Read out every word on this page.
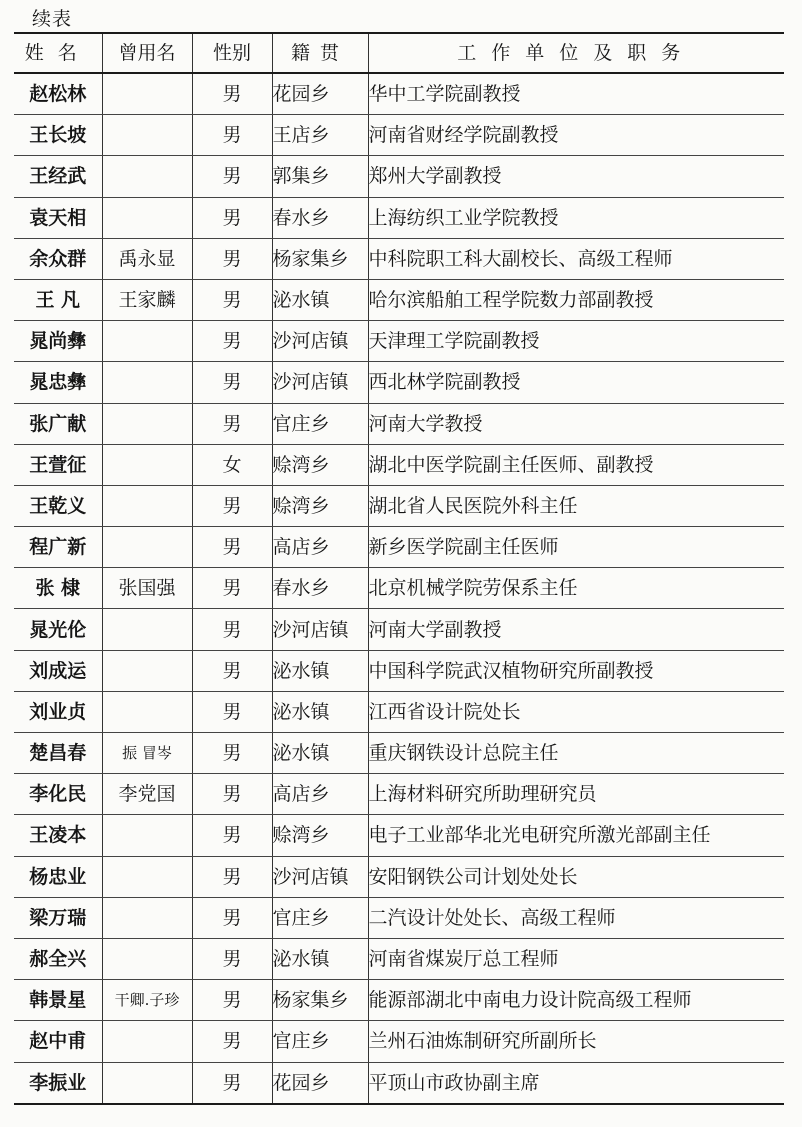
续表
姓名	曾用名	性别	籍贯	工作单位及职务
赵松林		男	花园乡	华中工学院副教授
王长坡		男	王店乡	河南省财经学院副教授
王经武		男	郭集乡	郑州大学副教授
袁天相		男	春水乡	上海纺织工业学院教授
余众群	禹永显	男	杨家集乡	中科院职工科大副校长、高级工程师
王 凡	王家麟	男	泌水镇	哈尔滨船舶工程学院数力部副教授
晁尚彝		男	沙河店镇	天津理工学院副教授
晁忠彝		男	沙河店镇	西北林学院副教授
张广献		男	官庄乡	河南大学教授
王萱征		女	赊湾乡	湖北中医学院副主任医师、副教授
王乾义		男	赊湾乡	湖北省人民医院外科主任
程广新		男	高店乡	新乡医学院副主任医师
张 棣	张国强	男	春水乡	北京机械学院劳保系主任
晁光伦		男	沙河店镇	河南大学副教授
刘成运		男	泌水镇	中国科学院武汉植物研究所副教授
刘业贞		男	泌水镇	江西省设计院处长
楚昌春	振 冒岑	男	泌水镇	重庆钢铁设计总院主任
李化民	李党国	男	高店乡	上海材料研究所助理研究员
王凌本		男	赊湾乡	电子工业部华北光电研究所激光部副主任
杨忠业		男	沙河店镇	安阳钢铁公司计划处处长
梁万瑞		男	官庄乡	二汽设计处处长、高级工程师
郝全兴		男	泌水镇	河南省煤炭厅总工程师
韩景星	干卿.子珍	男	杨家集乡	能源部湖北中南电力设计院高级工程师
赵中甫		男	官庄乡	兰州石油炼制研究所副所长
李振业		男	花园乡	平顶山市政协副主席
